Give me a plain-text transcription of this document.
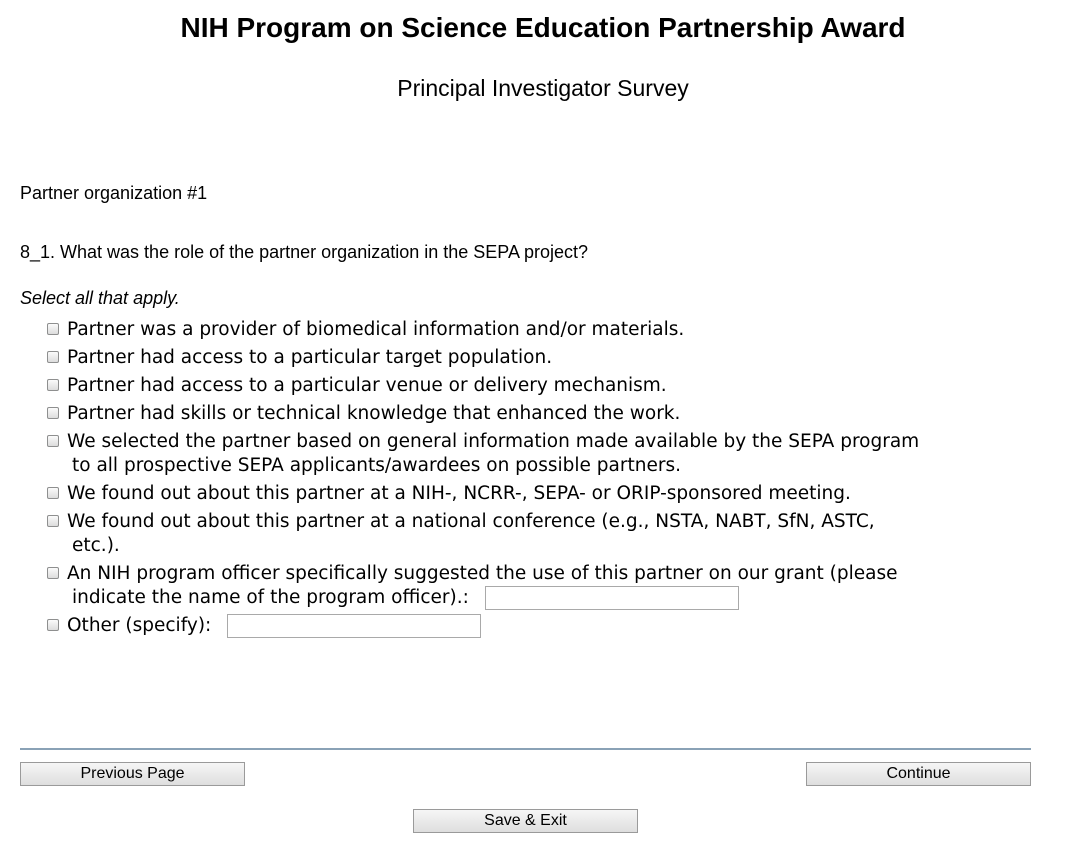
NIH Program on Science Education Partnership Award
Principal Investigator Survey
Partner organization #1
8_1. What was the role of the partner organization in the SEPA project?
Select all that apply.
Partner was a provider of biomedical information and/or materials.
Partner had access to a particular target population.
Partner had access to a particular venue or delivery mechanism.
Partner had skills or technical knowledge that enhanced the work.
We selected the partner based on general information made available by the SEPA program
to all prospective SEPA applicants/awardees on possible partners.
We found out about this partner at a NIH-, NCRR-, SEPA- or ORIP-sponsored meeting.
We found out about this partner at a national conference (e.g., NSTA, NABT, SfN, ASTC,
etc.).
An NIH program officer specifically suggested the use of this partner on our grant (please
indicate the name of the program officer).:
Other (specify):
Previous Page	Continue
Save & Exit
